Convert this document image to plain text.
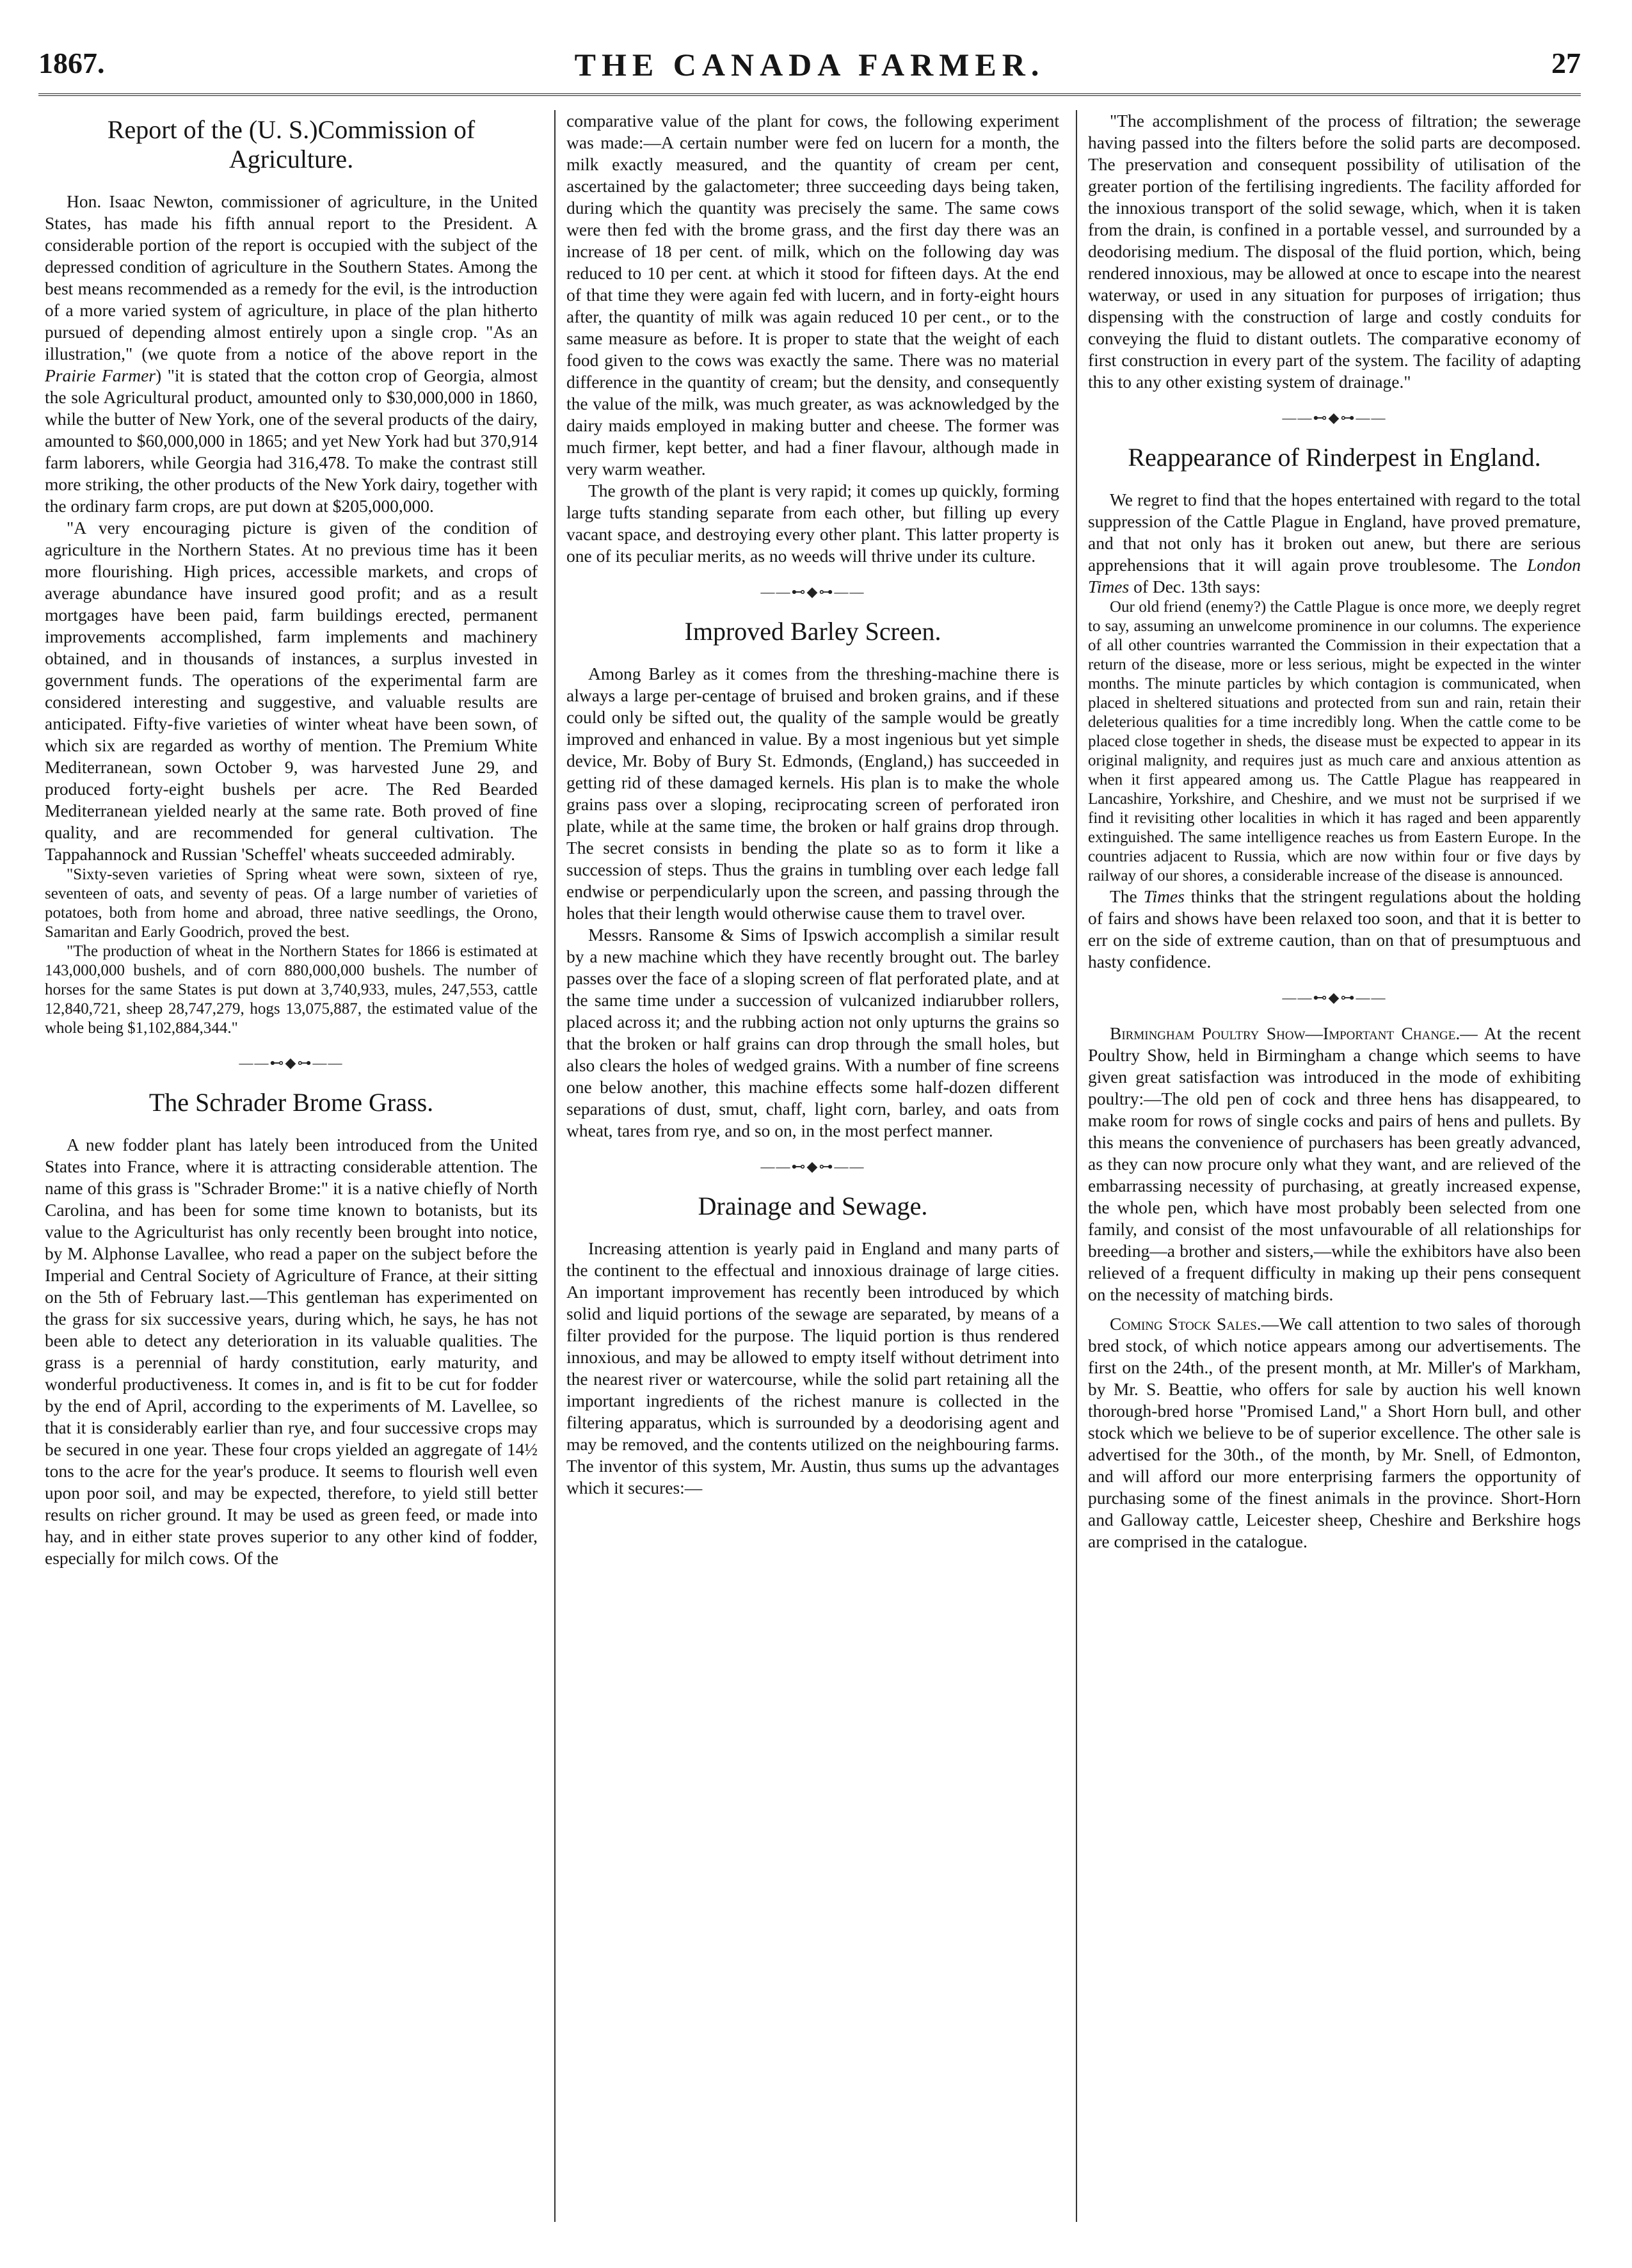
1867.	THE CANADA FARMER.	27
Report of the (U. S.)Commission of Agriculture.

Hon. Isaac Newton, commissioner of agriculture, in the United States, has made his fifth annual report to the President. A considerable portion of the report is occupied with the subject of the depressed condition of agriculture in the Southern States. Among the best means recommended as a remedy for the evil, is the introduction of a more varied system of agriculture, in place of the plan hitherto pursued of depending almost entirely upon a single crop. "As an illustration," (we quote from a notice of the above report in the Prairie Farmer) "it is stated that the cotton crop of Georgia, almost the sole Agricultural product, amounted only to $30,000,000 in 1860, while the butter of New York, one of the several products of the dairy, amounted to $60,000,000 in 1865; and yet New York had but 370,914 farm laborers, while Georgia had 316,478. To make the contrast still more striking, the other products of the New York dairy, together with the ordinary farm crops, are put down at $205,000,000.

"A very encouraging picture is given of the condition of agriculture in the Northern States. At no previous time has it been more flourishing. High prices, accessible markets, and crops of average abundance have insured good profit; and as a result mortgages have been paid, farm buildings erected, permanent improvements accomplished, farm implements and machinery obtained, and in thousands of instances, a surplus invested in government funds. The operations of the experimental farm are considered interesting and suggestive, and valuable results are anticipated. Fifty-five varieties of winter wheat have been sown, of which six are regarded as worthy of mention. The Premium White Mediterranean, sown October 9, was harvested June 29, and produced forty-eight bushels per acre. The Red Bearded Mediterranean yielded nearly at the same rate. Both proved of fine quality, and are recommended for general cultivation. The Tappahannock and Russian 'Scheffel' wheats succeeded admirably.

"Sixty-seven varieties of Spring wheat were sown, sixteen of rye, seventeen of oats, and seventy of peas. Of a large number of varieties of potatoes, both from home and abroad, three native seedlings, the Orono, Samaritan and Early Goodrich, proved the best.

"The production of wheat in the Northern States for 1866 is estimated at 143,000,000 bushels, and of corn 880,000,000 bushels. The number of horses for the same States is put down at 3,740,933, mules, 247,553, cattle 12,840,721, sheep 28,747,279, hogs 13,075,887, the estimated value of the whole being $1,102,884,344."

——⊷◆⊶——
The Schrader Brome Grass.

A new fodder plant has lately been introduced from the United States into France, where it is attracting considerable attention. The name of this grass is "Schrader Brome:" it is a native chiefly of North Carolina, and has been for some time known to botanists, but its value to the Agriculturist has only recently been brought into notice, by M. Alphonse Lavallee, who read a paper on the subject before the Imperial and Central Society of Agriculture of France, at their sitting on the 5th of February last.—This gentleman has experimented on the grass for six successive years, during which, he says, he has not been able to detect any deterioration in its valuable qualities. The grass is a perennial of hardy constitution, early maturity, and wonderful productiveness. It comes in, and is fit to be cut for fodder by the end of April, according to the experiments of M. Lavellee, so that it is considerably earlier than rye, and four successive crops may be secured in one year. These four crops yielded an aggregate of 14½ tons to the acre for the year's produce. It seems to flourish well even upon poor soil, and may be expected, therefore, to yield still better results on richer ground. It may be used as green feed, or made into hay, and in either state proves superior to any other kind of fodder, especially for milch cows. Of the

comparative value of the plant for cows, the following experiment was made:—A certain number were fed on lucern for a month, the milk exactly measured, and the quantity of cream per cent, ascertained by the galactometer; three succeeding days being taken, during which the quantity was precisely the same. The same cows were then fed with the brome grass, and the first day there was an increase of 18 per cent. of milk, which on the following day was reduced to 10 per cent. at which it stood for fifteen days. At the end of that time they were again fed with lucern, and in forty-eight hours after, the quantity of milk was again reduced 10 per cent., or to the same measure as before. It is proper to state that the weight of each food given to the cows was exactly the same. There was no material difference in the quantity of cream; but the density, and consequently the value of the milk, was much greater, as was acknowledged by the dairy maids employed in making butter and cheese. The former was much firmer, kept better, and had a finer flavour, although made in very warm weather.

The growth of the plant is very rapid; it comes up quickly, forming large tufts standing separate from each other, but filling up every vacant space, and destroying every other plant. This latter property is one of its peculiar merits, as no weeds will thrive under its culture.

——⊷◆⊶——
Improved Barley Screen.

Among Barley as it comes from the threshing-machine there is always a large per-centage of bruised and broken grains, and if these could only be sifted out, the quality of the sample would be greatly improved and enhanced in value. By a most ingenious but yet simple device, Mr. Boby of Bury St. Edmonds, (England,) has succeeded in getting rid of these damaged kernels. His plan is to make the whole grains pass over a sloping, reciprocating screen of perforated iron plate, while at the same time, the broken or half grains drop through. The secret consists in bending the plate so as to form it like a succession of steps. Thus the grains in tumbling over each ledge fall endwise or perpendicularly upon the screen, and passing through the holes that their length would otherwise cause them to travel over.

Messrs. Ransome & Sims of Ipswich accomplish a similar result by a new machine which they have recently brought out. The barley passes over the face of a sloping screen of flat perforated plate, and at the same time under a succession of vulcanized indiarubber rollers, placed across it; and the rubbing action not only upturns the grains so that the broken or half grains can drop through the small holes, but also clears the holes of wedged grains. With a number of fine screens one below another, this machine effects some half-dozen different separations of dust, smut, chaff, light corn, barley, and oats from wheat, tares from rye, and so on, in the most perfect manner.

——⊷◆⊶——
Drainage and Sewage.

Increasing attention is yearly paid in England and many parts of the continent to the effectual and innoxious drainage of large cities. An important improvement has recently been introduced by which solid and liquid portions of the sewage are separated, by means of a filter provided for the purpose. The liquid portion is thus rendered innoxious, and may be allowed to empty itself without detriment into the nearest river or watercourse, while the solid part retaining all the important ingredients of the richest manure is collected in the filtering apparatus, which is surrounded by a deodorising agent and may be removed, and the contents utilized on the neighbouring farms. The inventor of this system, Mr. Austin, thus sums up the advantages which it secures:—

"The accomplishment of the process of filtration; the sewerage having passed into the filters before the solid parts are decomposed. The preservation and consequent possibility of utilisation of the greater portion of the fertilising ingredients. The facility afforded for the innoxious transport of the solid sewage, which, when it is taken from the drain, is confined in a portable vessel, and surrounded by a deodorising medium. The disposal of the fluid portion, which, being rendered innoxious, may be allowed at once to escape into the nearest waterway, or used in any situation for purposes of irrigation; thus dispensing with the construction of large and costly conduits for conveying the fluid to distant outlets. The comparative economy of first construction in every part of the system. The facility of adapting this to any other existing system of drainage."

——⊷◆⊶——
Reappearance of Rinderpest in England.

We regret to find that the hopes entertained with regard to the total suppression of the Cattle Plague in England, have proved premature, and that not only has it broken out anew, but there are serious apprehensions that it will again prove troublesome. The London Times of Dec. 13th says:

Our old friend (enemy?) the Cattle Plague is once more, we deeply regret to say, assuming an unwelcome prominence in our columns. The experience of all other countries warranted the Commission in their expectation that a return of the disease, more or less serious, might be expected in the winter months. The minute particles by which contagion is communicated, when placed in sheltered situations and protected from sun and rain, retain their deleterious qualities for a time incredibly long. When the cattle come to be placed close together in sheds, the disease must be expected to appear in its original malignity, and requires just as much care and anxious attention as when it first appeared among us. The Cattle Plague has reappeared in Lancashire, Yorkshire, and Cheshire, and we must not be surprised if we find it revisiting other localities in which it has raged and been apparently extinguished. The same intelligence reaches us from Eastern Europe. In the countries adjacent to Russia, which are now within four or five days by railway of our shores, a considerable increase of the disease is announced.

The Times thinks that the stringent regulations about the holding of fairs and shows have been relaxed too soon, and that it is better to err on the side of extreme caution, than on that of presumptuous and hasty confidence.

——⊷◆⊶——

Birmingham Poultry Show—Important Change.— At the recent Poultry Show, held in Birmingham a change which seems to have given great satisfaction was introduced in the mode of exhibiting poultry:—The old pen of cock and three hens has disappeared, to make room for rows of single cocks and pairs of hens and pullets. By this means the convenience of purchasers has been greatly advanced, as they can now procure only what they want, and are relieved of the embarrassing necessity of purchasing, at greatly increased expense, the whole pen, which have most probably been selected from one family, and consist of the most unfavourable of all relationships for breeding—a brother and sisters,—while the exhibitors have also been relieved of a frequent difficulty in making up their pens consequent on the necessity of matching birds.

Coming Stock Sales.—We call attention to two sales of thorough bred stock, of which notice appears among our advertisements. The first on the 24th., of the present month, at Mr. Miller's of Markham, by Mr. S. Beattie, who offers for sale by auction his well known thorough-bred horse "Promised Land," a Short Horn bull, and other stock which we believe to be of superior excellence. The other sale is advertised for the 30th., of the month, by Mr. Snell, of Edmonton, and will afford our more enterprising farmers the opportunity of purchasing some of the finest animals in the province. Short-Horn and Galloway cattle, Leicester sheep, Cheshire and Berkshire hogs are comprised in the catalogue.
